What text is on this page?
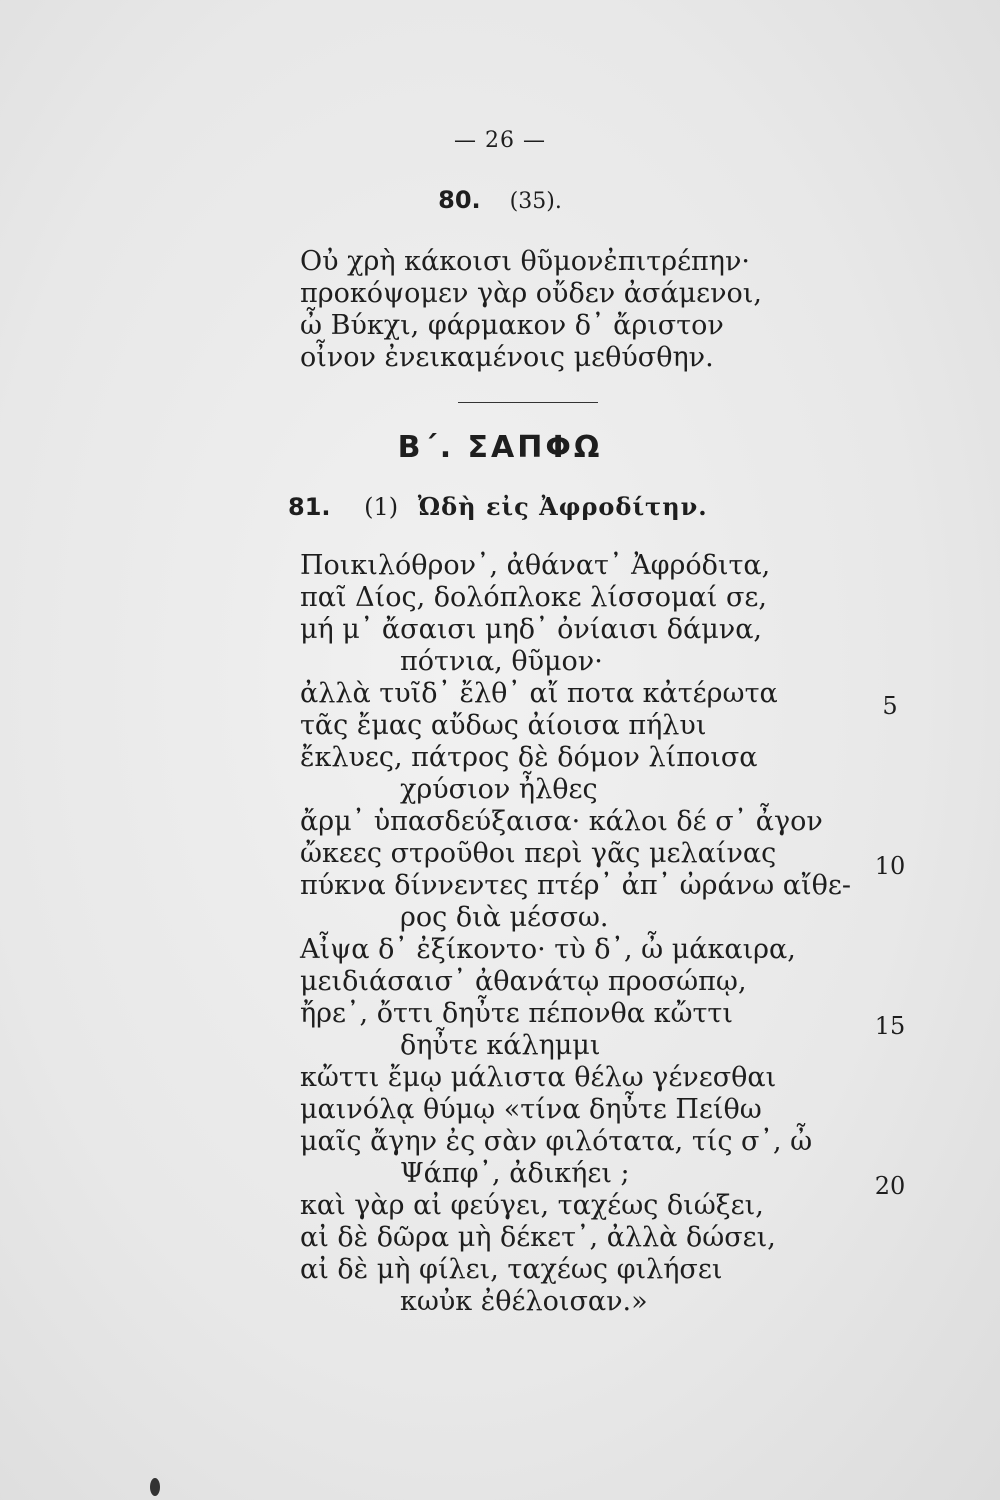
— 26 —
80. (35).
Οὐ χρὴ κάκοισι θῦμονἐπιτρέπην·
προκόψομεν γὰρ οὔδεν ἀσάμενοι,
ὦ Βύκχι, φάρμακον δ᾽ ἄριστον
οἶνον ἐνεικαμένοις μεθύσθην.
Β΄. ΣΑΠΦΩ
81. (1) Ὠδὴ εἰς Ἀφροδίτην.
Ποικιλόθρον᾽, ἀθάνατ᾽ Ἀφρόδιτα,
παῖ Δίος, δολόπλοκε λίσσομαί σε,
μή μ᾽ ἄσαισι μηδ᾽ ὀνίαισι δάμνα,
πότνια, θῦμον·
ἀλλὰ τυῖδ᾽ ἔλθ᾽ αἴ ποτα κἀτέρωτα
τᾶς ἔμας αὔδως ἀίοισα πήλυι
ἔκλυες, πάτρος δὲ δόμον λίποισα
χρύσιον ἦλθες
ἄρμ᾽ ὑπασδεύξαισα· κάλοι δέ σ᾽ ἆγον
ὤκεες στροῦθοι περὶ γᾶς μελαίνας
πύκνα δίννεντες πτέρ᾽ ἀπ᾽ ὠράνω αἴθε-
ρος διὰ μέσσω.
Αἶψα δ᾽ ἐξίκοντο· τὺ δ᾽, ὦ μάκαιρα,
μειδιάσαισ᾽ ἀθανάτῳ προσώπῳ,
ἤρε᾽, ὄττι δηὖτε πέπονθα κὤττι
δηὖτε κάλημμι
κὤττι ἔμῳ μάλιστα θέλω γένεσθαι
μαινόλᾳ θύμῳ «τίνα δηὖτε Πείθω
μαῖς ἄγην ἐς σὰν φιλότατα, τίς σ᾽, ὦ
Ψάπφ᾽, ἀδικήει ;
καὶ γὰρ αἰ φεύγει, ταχέως διώξει,
αἰ δὲ δῶρα μὴ δέκετ᾽, ἀλλὰ δώσει,
αἰ δὲ μὴ φίλει, ταχέως φιλήσει
κωὐκ ἐθέλοισαν.»
5
10
15
20
